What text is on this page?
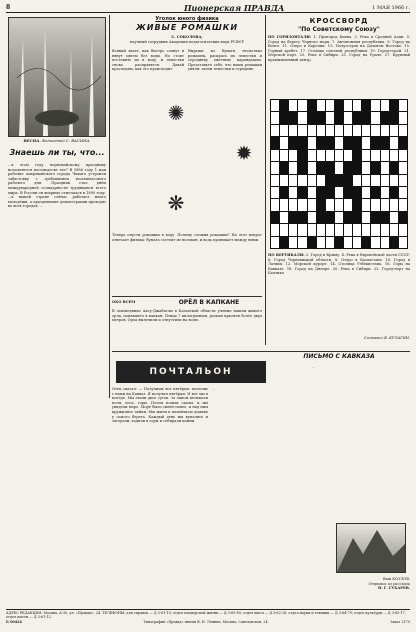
8	Пионерская ПРАВДА	1 МАЯ 1966 г.
ВЕСНА. Фотоэтюд С. ВАСИНА.
Знаешь ли ты, что...
...в этом году первомайскому празднику исполняется восемьдесят лет? В 1886 году 1 мая рабочие американского города Чикаго устроили забастовку с требованием восьмичасового рабочего дня. Праздник стал днём международной солидарности трудящихся всего мира. В России он впервые отмечался в 1890 году. ...в нашей стране сейчас работает много молодёжи, а праздничные демонстрации проходят во всех городах. ...
Уголок юного физика
ЖИВЫЕ РОМАШКИ
С. СОКОЛОВА,
научный сотрудник Академии педагогических наук РСФСР
Всякий знает, как быстро сохнут и вянут цветы без воды. Но стоит поставить их в воду, и лепестки снова расправятся. Давай проследим, как это происходит.
Вырежи из бумаги несколько ромашек, раскрась их лепестки и серединку цветным карандашом. Представьте себе, что ваши ромашки увяли: загни лепестки к середине.
✺
✹
❋
Теперь опусти ромашки в воду. Почему сложив ромашки? На этот вопрос отвечает физика: бумага состоит из волокон, и вода проникает между ними.
ОБО ВСЁМ	ОРЁЛ В КАПКАНЕ
В заповеднике Аксу-Джабаглы в Казахской области ученые нашли живого орла, попавшего в капкан. Птица 7 килограммов, размах крыльев более двух метров. Орла вылечили и отпустили на волю.
КРОССВОРД
"По Советскому Союзу"
ПО ГОРИЗОНТАЛИ: 1. Пригород Киева. 3. Река в Средней Азии. 5. Город на берегу Черного моря. 7. Автономная республика. 9. Город на Волге. 11. Озеро в Карелии. 13. Полуостров на Дальнем Востоке. 15. Горный хребет. 17. Столица союзной республики. 19. Город-герой. 21. Морской порт. 23. Река в Сибири. 25. Город на Урале. 27. Крупный промышленный центр.
ПО ВЕРТИКАЛИ: 2. Город в Крыму. 4. Река в Европейской части СССР. 6. Город Черновицкой области. 8. Озеро в Казахстане. 10. Город в Латвии. 12. Морской курорт. 14. Столица Узбекистана. 16. Горы на Кавказе. 18. Город на Днепре. 20. Река в Сибири. 22. Город-порт на Балтике.
Составил В. КУЛАГИН.
ПИСЬМО С КАВКАЗА
ПОЧТАЛЬОН
Отец сказал: — Получишь вот пятёрки, поедешь с нами на Кавказ. Я получил пятёрки. И вот мы в поезде. Мы ехали двое суток. За окном мелькали поля, леса, горы. Потом пошли скалы, и мы увидели море. Море было синее-синее, и над ним кружились чайки. Мы жили в маленьком домике у самого берега. Каждый день мы купались и загорали, ходили в горы и собирали камни.
...
...
Ваш КОЗЛОВ.
Отрывок из рассказа
Н. Г. ГУБАРЕВ.
АДРЕС РЕДАКЦИИ: Москва, А-30, ул. «Правды», 24. ТЕЛЕФОНЫ: для справок — Д 3-61-10; отдел пионерской жизни — Д 3-65-89; отдел школ — Д 3-62-28; отдел науки и техники — Д 3-64-79; отдел культуры — Д 3-65-17; отдел писем — Д 3-61-12.
Б 00424	Типография «Правда» имени В. И. Ленина. Москва, Савеловская, 24.	Заказ 2175
